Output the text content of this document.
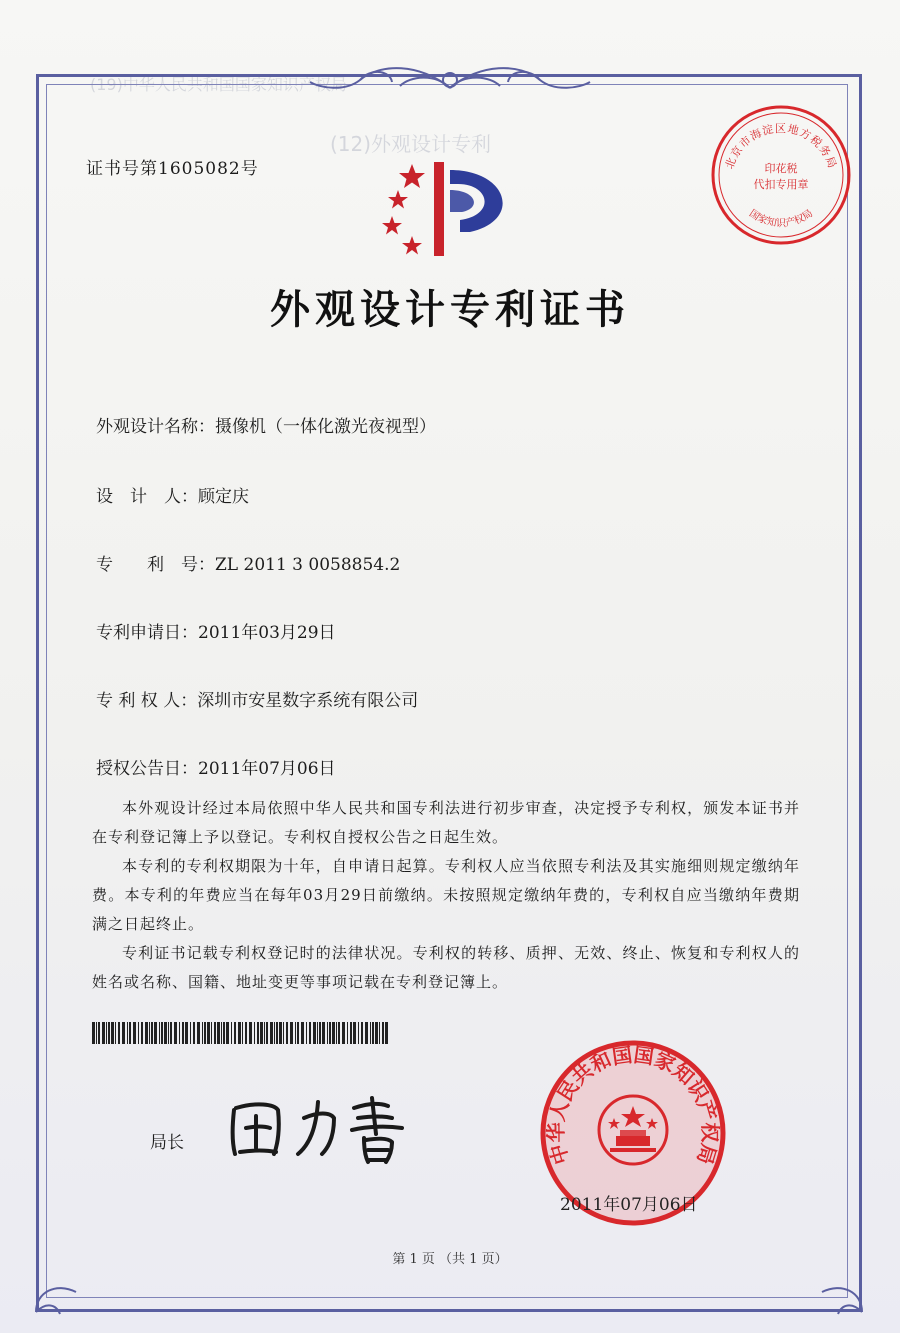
(19)中华人民共和国国家知识产权局
(12)外观设计专利
证书号第1605082号	北京市海淀区地方税务局
印花税
代扣专用章
国家知识产权局
外观设计专利证书
外观设计名称：摄像机（一体化激光夜视型）
设　计　人：顾定庆
专　　利　号：ZL 2011 3 0058854.2
专利申请日：2011年03月29日
专 利 权 人：深圳市安星数字系统有限公司
授权公告日：2011年07月06日

本外观设计经过本局依照中华人民共和国专利法进行初步审查，决定授予专利权，颁发本证书并在专利登记簿上予以登记。专利权自授权公告之日起生效。

本专利的专利权期限为十年，自申请日起算。专利权人应当依照专利法及其实施细则规定缴纳年费。本专利的年费应当在每年03月29日前缴纳。未按照规定缴纳年费的，专利权自应当缴纳年费期满之日起终止。

专利证书记载专利权登记时的法律状况。专利权的转移、质押、无效、终止、恢复和专利权人的姓名或名称、国籍、地址变更等事项记载在专利登记簿上。

局长	中华人民共和国国家知识产权局
2011年07月06日
第 1 页 （共 1 页）
